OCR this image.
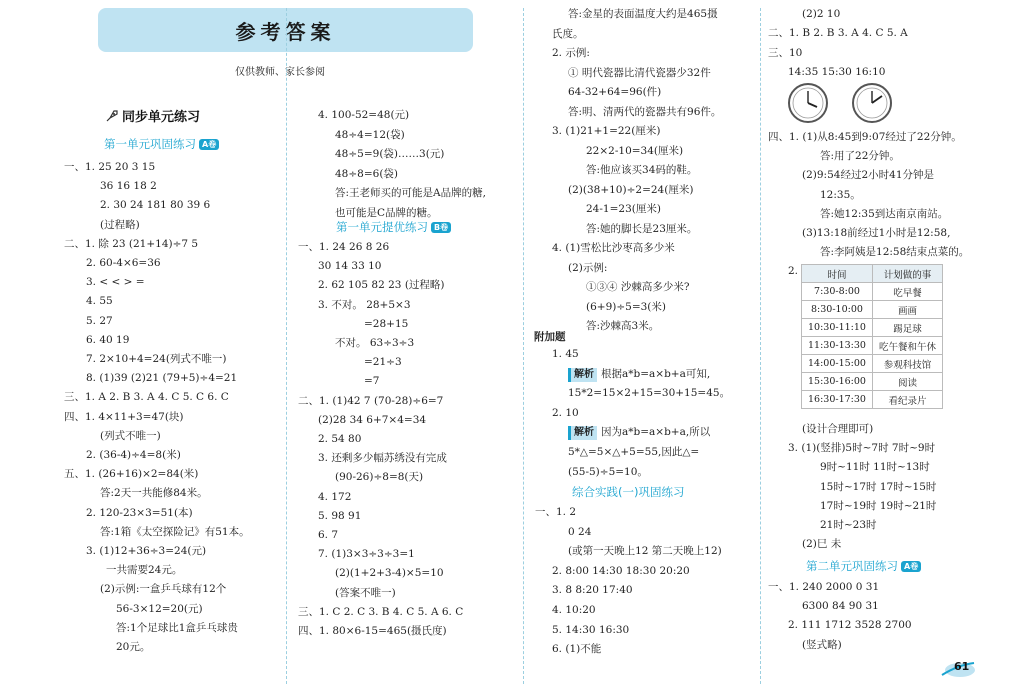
参考答案
仅供教师、家长参阅
同步单元练习
第一单元巩固练习 A卷
一、1. 25 20 3 15
36 16 18 2
2. 30 24 181 80 39 6
(过程略)
二、1. 除 23 (21+14)÷7 5
2. 60-4×6=36
3. < < > =
4. 55
5. 27
6. 40 19
7. 2×10+4=24(列式不唯一)
8. (1)39 (2)21 (79+5)÷4=21
三、1. A 2. B 3. A 4. C 5. C 6. C
四、1. 4×11+3=47(块)
(列式不唯一)
2. (36-4)÷4=8(米)
五、1. (26+16)×2=84(米)
答:2天一共能修84米。
2. 120-23×3=51(本)
答:1箱《太空探险记》有51本。
3. (1)12+36÷3=24(元)
一共需要24元。
(2)示例:一盒乒乓球有12个
56-3×12=20(元)
答:1个足球比1盒乒乓球贵
20元。
4. 100-52=48(元)
48÷4=12(袋)
48÷5=9(袋)……3(元)
48÷8=6(袋)
答:王老师买的可能是A品牌的糖,
也可能是C品牌的糖。
第一单元提优练习 B卷
一、1. 24 26 8 26
30 14 33 10
2. 62 105 82 23 (过程略)
3. 不对。 28+5×3
=28+15
不对。 63÷3÷3
=21÷3
=7
二、1. (1)42 7 (70-28)÷6=7
(2)28 34 6+7×4=34
2. 54 80
3. 还剩多少幅苏绣没有完成
(90-26)÷8=8(天)
4. 172
5. 98 91
6. 7
7. (1)3×3÷3÷3=1
(2)(1+2+3-4)×5=10
(答案不唯一)
三、1. C 2. C 3. B 4. C 5. A 6. C
四、1. 80×6-15=465(摄氏度)
答:金星的表面温度大约是465摄
氏度。
2. 示例:
① 明代瓷器比清代瓷器少32件
64-32+64=96(件)
答:明、清两代的瓷器共有96件。
3. (1)21+1=22(厘米)
22×2-10=34(厘米)
答:他应该买34码的鞋。
(2)(38+10)÷2=24(厘米)
24-1=23(厘米)
答:她的脚长是23厘米。
4. (1)雪松比沙枣高多少米
(2)示例:
①③④ 沙棘高多少米?
(6+9)÷5=3(米)
答:沙棘高3米。
附加题
1. 45
解析 根据a*b=a×b+a可知,
15*2=15×2+15=30+15=45。
2. 10
解析 因为a*b=a×b+a,所以
5*△=5×△+5=55,因此△=
(55-5)÷5=10。
综合实践(一)巩固练习
一、1. 2
0 24
(或第一天晚上12 第二天晚上12)
2. 8:00 14:30 18:30 20:20
3. 8 8:20 17:40
4. 10:20
5. 14:30 16:30
6. (1)不能
(2)2 10
二、1. B 2. B 3. A 4. C 5. A
三、10
14:35 15:30 16:10
四、1. (1)从8:45到9:07经过了22分钟。
答:用了22分钟。
(2)9:54经过2小时41分钟是
12:35。
答:她12:35到达南京南站。
(3)13:18前经过1小时是12:58,
答:李阿姨是12:58结束点菜的。
2.	时间	计划做的事
7:30-8:00	吃早餐
8:30-10:00	画画
10:30-11:10	踢足球
11:30-13:30	吃午餐和午休
14:00-15:00	参观科技馆
15:30-16:00	阅读
16:30-17:30	看纪录片
(设计合理即可)
3. (1)(竖排)5时~7时 7时~9时
9时~11时 11时~13时
15时~17时 17时~15时
17时~19时 19时~21时
21时~23时
(2)巳 未
第二单元巩固练习 A卷
一、1. 240 2000 0 31
6300 84 90 31
2. 111 1712 3528 2700
(竖式略)
61
